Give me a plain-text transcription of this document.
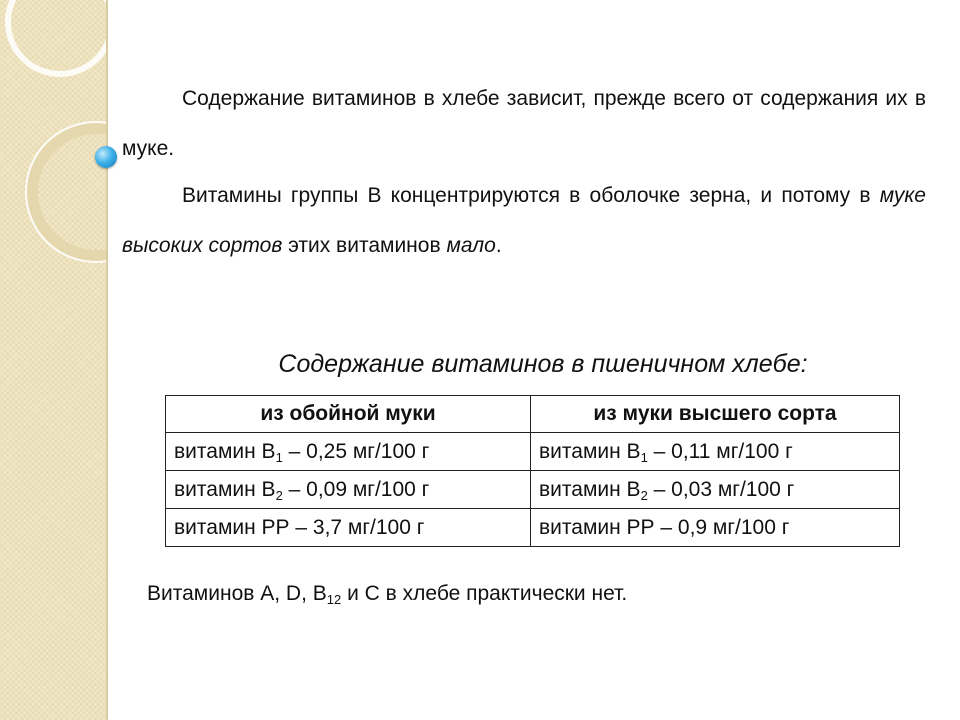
Содержание витаминов в хлебе зависит, прежде всего от содержания их в муке.

Витамины группы В концентрируются в оболочке зерна, и потому в муке высоких сортов этих витаминов мало.

Содержание витаминов в пшеничном хлебе:

из обойной муки	из муки высшего сорта
витамин $В_1 - 0,25$ мг/100 г	витамин $В_1 - 0,11$ мг/100 г
витамин $В_2 - 0,09$ мг/100 г	витамин $В_2 - 0,03$ мг/100 г
витамин РР – 3,7 мг/100 г	витамин РР – 0,9 мг/100 г

Витаминов А, D, $В_{12}$ и С в хлебе практически нет.
